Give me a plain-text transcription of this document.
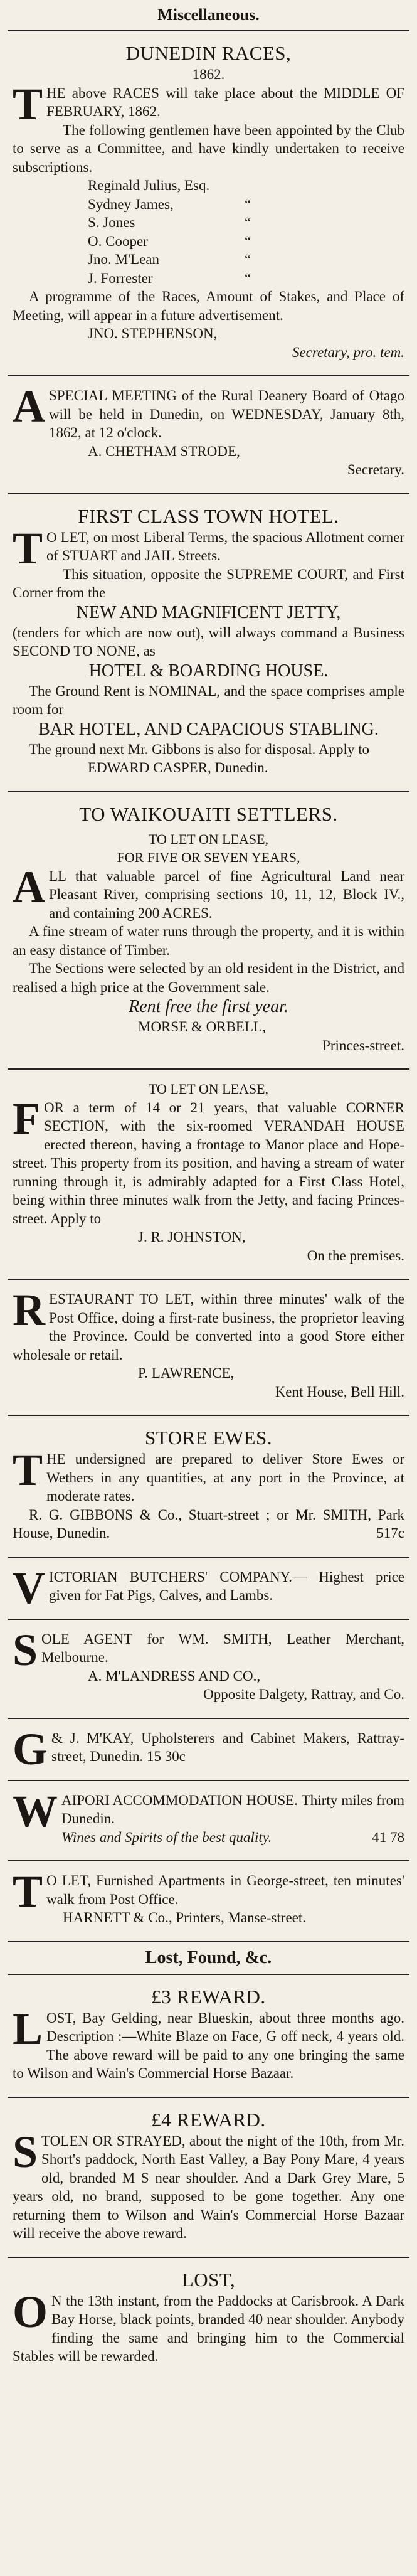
Miscellaneous.
DUNEDIN RACES,
1862.

THE above RACES will take place about the MIDDLE OF FEBRUARY, 1862.

The following gentlemen have been appointed by the Club to serve as a Committee, and have kindly undertaken to receive subscriptions.

Reginald Julius, Esq.
Sydney James,	“
S. Jones	“
O. Cooper	“
Jno. M'Lean	“
J. Forrester	“

A programme of the Races, Amount of Stakes, and Place of Meeting, will appear in a future advertisement.

JNO. STEPHENSON,
Secretary, pro. tem.

ASPECIAL MEETING of the Rural Deanery Board of Otago will be held in Dunedin, on WEDNESDAY, January 8th, 1862, at 12 o'clock.

A. CHETHAM STRODE,
Secretary.
FIRST CLASS TOWN HOTEL.

T O LET, on most Liberal Terms, the spacious Allotment corner of STUART and JAIL Streets.

This situation, opposite the SUPREME COURT, and First Corner from the

NEW AND MAGNIFICENT JETTY,

(tenders for which are now out), will always command a Business SECOND TO NONE, as

HOTEL & BOARDING HOUSE.

The Ground Rent is NOMINAL, and the space comprises ample room for

BAR HOTEL, AND CAPACIOUS STABLING.

The ground next Mr. Gibbons is also for disposal. Apply to

EDWARD CASPER, Dunedin.
TO WAIKOUAITI SETTLERS.
TO LET ON LEASE,
FOR FIVE OR SEVEN YEARS,

ALL that valuable parcel of fine Agricultural Land near Pleasant River, comprising sections 10, 11, 12, Block IV., and containing 200 ACRES.

A fine stream of water runs through the property, and it is within an easy distance of Timber.

The Sections were selected by an old resident in the District, and realised a high price at the Government sale.

Rent free the first year.
MORSE & ORBELL,
Princes-street.
TO LET ON LEASE,

FOR a term of 14 or 21 years, that valuable CORNER SECTION, with the six-roomed VERANDAH HOUSE erected thereon, having a frontage to Manor place and Hope-street. This property from its position, and having a stream of water running through it, is admirably adapted for a First Class Hotel, being within three minutes walk from the Jetty, and facing Princes-street. Apply to

J. R. JOHNSTON,
On the premises.

RESTAURANT TO LET, within three minutes' walk of the Post Office, doing a first-rate business, the proprietor leaving the Province. Could be converted into a good Store either wholesale or retail.

P. LAWRENCE,
Kent House, Bell Hill.
STORE EWES.

THE undersigned are prepared to deliver Store Ewes or Wethers in any quantities, at any port in the Province, at moderate rates.

R. G. GIBBONS & Co., Stuart-street ; or Mr. SMITH, Park House, Dunedin.	517c

VICTORIAN BUTCHERS' COMPANY.— Highest price given for Fat Pigs, Calves, and Lambs.

SOLE AGENT for WM. SMITH, Leather Merchant, Melbourne.

A. M'LANDRESS AND CO.,
Opposite Dalgety, Rattray, and Co.

G & J. M'KAY, Upholsterers and Cabinet Makers, Rattray-street, Dunedin. 15 30c

WAIPORI ACCOMMODATION HOUSE. Thirty miles from Dunedin.

Wines and Spirits of the best quality.	41 78

T O LET, Furnished Apartments in George-street, ten minutes' walk from Post Office.

HARNETT & Co., Printers, Manse-street.

Lost, Found, &c.
£3 REWARD.

LOST, Bay Gelding, near Blueskin, about three months ago. Description :—White Blaze on Face, G off neck, 4 years old. The above reward will be paid to any one bringing the same to Wilson and Wain's Commercial Horse Bazaar.

£4 REWARD.

STOLEN OR STRAYED, about the night of the 10th, from Mr. Short's paddock, North East Valley, a Bay Pony Mare, 4 years old, branded M S near shoulder. And a Dark Grey Mare, 5 years old, no brand, supposed to be gone together. Any one returning them to Wilson and Wain's Commercial Horse Bazaar will receive the above reward.

LOST,

O N the 13th instant, from the Paddocks at Carisbrook. A Dark Bay Horse, black points, branded 40 near shoulder. Anybody finding the same and bringing him to the Commercial Stables will be rewarded.
